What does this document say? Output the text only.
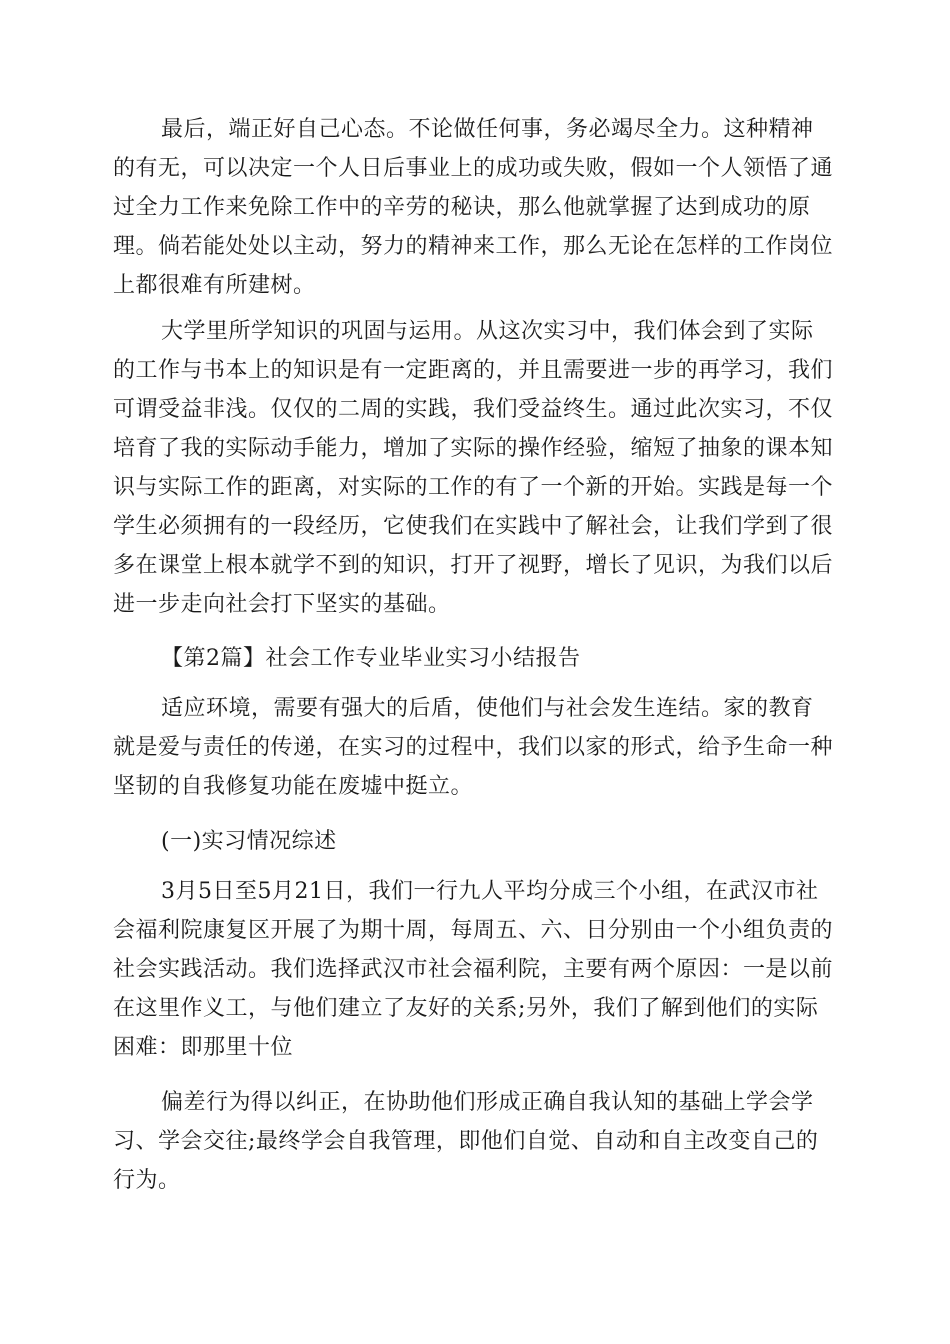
最后，端正好自己心态。不论做任何事，务必竭尽全力。这种精神的有无，可以决定一个人日后事业上的成功或失败，假如一个人领悟了通过全力工作来免除工作中的辛劳的秘诀，那么他就掌握了达到成功的原理。倘若能处处以主动，努力的精神来工作，那么无论在怎样的工作岗位上都很难有所建树。

大学里所学知识的巩固与运用。从这次实习中，我们体会到了实际的工作与书本上的知识是有一定距离的，并且需要进一步的再学习，我们可谓受益非浅。仅仅的二周的实践，我们受益终生。通过此次实习，不仅培育了我的实际动手能力，增加了实际的操作经验，缩短了抽象的课本知识与实际工作的距离，对实际的工作的有了一个新的开始。实践是每一个学生必须拥有的一段经历，它使我们在实践中了解社会，让我们学到了很多在课堂上根本就学不到的知识，打开了视野，增长了见识，为我们以后进一步走向社会打下坚实的基础。

【第2篇】社会工作专业毕业实习小结报告

适应环境，需要有强大的后盾，使他们与社会发生连结。家的教育就是爱与责任的传递，在实习的过程中，我们以家的形式，给予生命一种坚韧的自我修复功能在废墟中挺立。

(一)实习情况综述

3月5日至5月21日，我们一行九人平均分成三个小组，在武汉市社会福利院康复区开展了为期十周，每周五、六、日分别由一个小组负责的社会实践活动。我们选择武汉市社会福利院，主要有两个原因：一是以前在这里作义工，与他们建立了友好的关系;另外，我们了解到他们的实际困难：即那里十位

偏差行为得以纠正，在协助他们形成正确自我认知的基础上学会学习、学会交往;最终学会自我管理，即他们自觉、自动和自主改变自己的行为。
